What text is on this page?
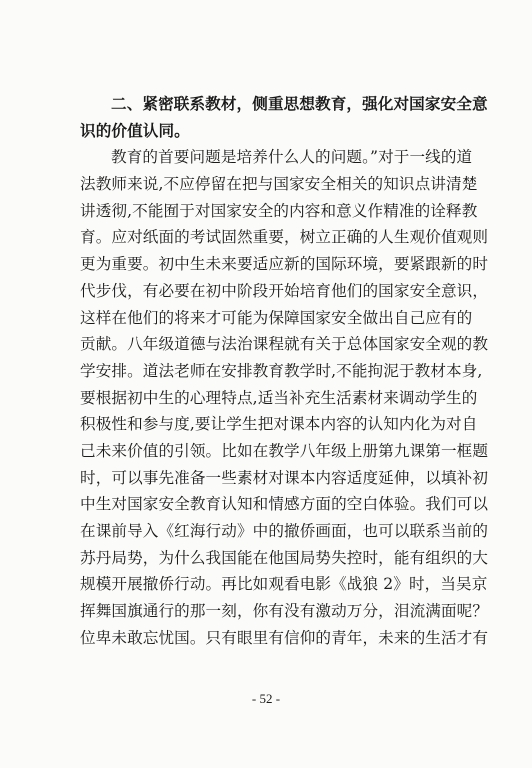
二、紧密联系教材，侧重思想教育，强化对国家安全意
识的价值认同。
教育的首要问题是培养什么人的问题。”对于一线的道
法教师来说,不应停留在把与国家安全相关的知识点讲清楚
讲透彻,不能囿于对国家安全的内容和意义作精准的诠释教
育。应对纸面的考试固然重要，树立正确的人生观价值观则
更为重要。初中生未来要适应新的国际环境，要紧跟新的时
代步伐，有必要在初中阶段开始培育他们的国家安全意识，
这样在他们的将来才可能为保障国家安全做出自己应有的
贡献。八年级道德与法治课程就有关于总体国家安全观的教
学安排。道法老师在安排教育教学时,不能拘泥于教材本身,
要根据初中生的心理特点,适当补充生活素材来调动学生的
积极性和参与度,要让学生把对课本内容的认知内化为对自
己未来价值的引领。比如在教学八年级上册第九课第一框题
时，可以事先准备一些素材对课本内容适度延伸，以填补初
中生对国家安全教育认知和情感方面的空白体验。我们可以
在课前导入《红海行动》中的撤侨画面，也可以联系当前的
苏丹局势，为什么我国能在他国局势失控时，能有组织的大
规模开展撤侨行动。再比如观看电影《战狼 2》时，当吴京
挥舞国旗通行的那一刻，你有没有激动万分，泪流满面呢？
位卑未敢忘忧国。只有眼里有信仰的青年，未来的生活才有
- 52 -
